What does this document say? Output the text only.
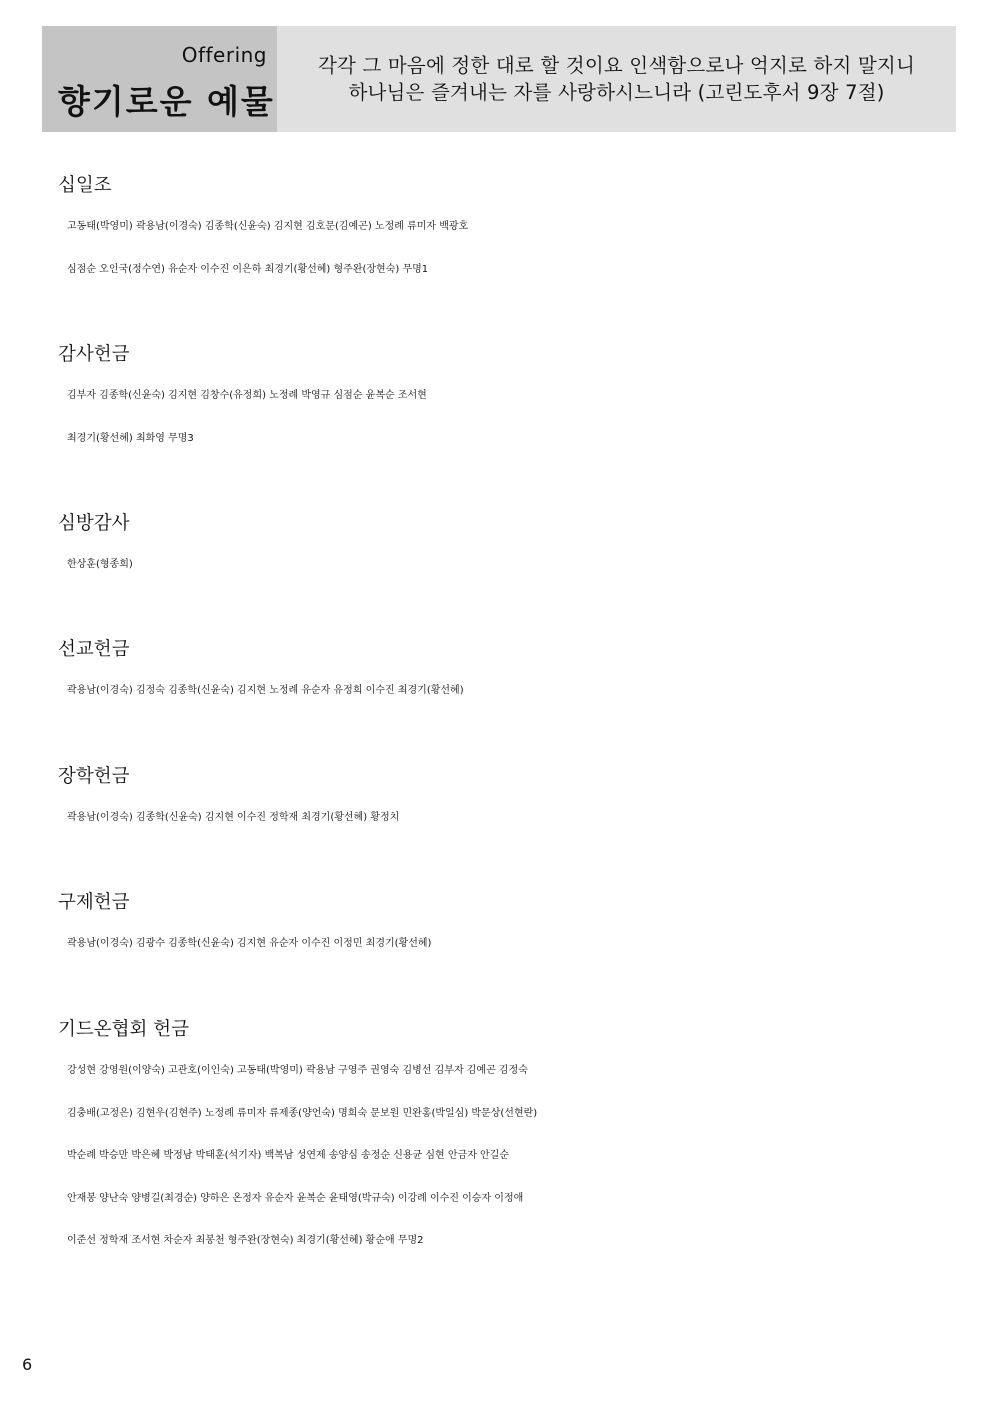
Offering
향기로운 예물
각각 그 마음에 정한 대로 할 것이요 인색함으로나 억지로 하지 말지니
하나님은 즐겨내는 자를 사랑하시느니라 (고린도후서 9장 7절)
십일조
고동태(박영미) 곽용남(이경숙) 김종학(신윤숙) 김지현 김호문(김예곤) 노정례 류미자 백광호
심점순 오인국(정수연) 유순자 이수진 이은하 최경기(황선혜) 형주완(장현숙) 무명1
감사헌금
김부자 김종학(신윤숙) 김지현 김창수(유정희) 노정례 박영규 심점순 윤복순 조서현
최경기(황선혜) 최화영 무명3
심방감사
한상훈(형종희)
선교헌금
곽용남(이경숙) 김정숙 김종학(신윤숙) 김지현 노정례 유순자 유정희 이수진 최경기(황선혜)
장학헌금
곽용남(이경숙) 김종학(신윤숙) 김지현 이수진 정학재 최경기(황선혜) 황정치
구제헌금
곽용남(이경숙) 김광수 김종학(신윤숙) 김지현 유순자 이수진 이정민 최경기(황선혜)
기드온협회 헌금
강성현 강영원(이양숙) 고관호(이인숙) 고동태(박영미) 곽용남 구영주 권영숙 김병선 김부자 김예곤 김정숙
김충배(고정은) 김현우(김현주) 노정례 류미자 류제종(양언숙) 명희숙 문보원 민완홍(박일심) 박문상(선현란)
박순례 박승만 박은혜 박정남 박태훈(석기자) 백복남 성연제 송양심 송정순 신용균 심현 안금자 안길순
안재봉 양난숙 양병길(최경순) 양하은 온정자 유순자 윤복순 윤태영(박규숙) 이강례 이수진 이승자 이정애
이준선 정학재 조서현 차순자 최봉천 형주완(장현숙) 최경기(황선혜) 황순애 무명2
6
